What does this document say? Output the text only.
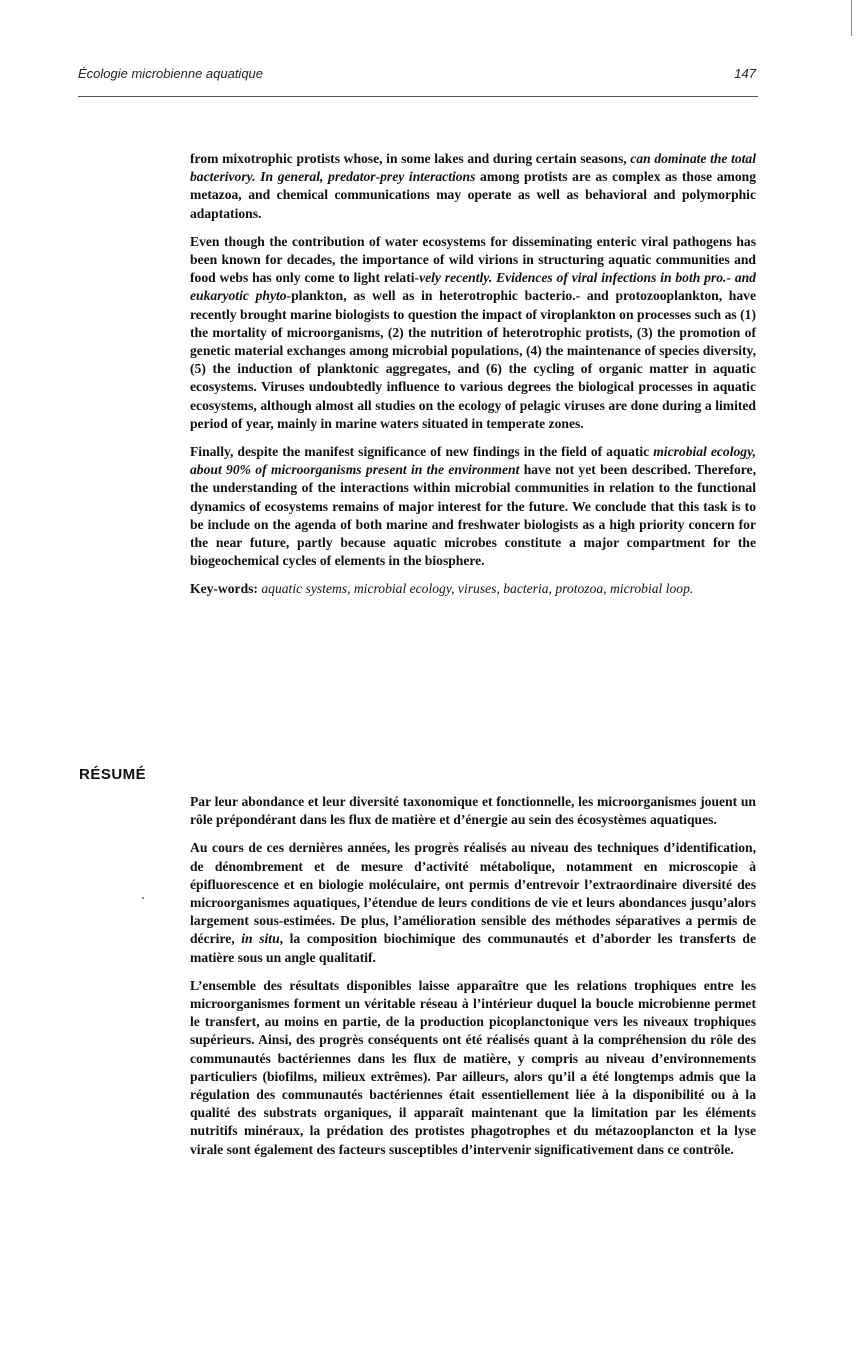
Écologie microbienne aquatique	147

from mixotrophic protists whose, in some lakes and during certain seasons, can dominate the total bacterivory. In general, predator-prey interactions among protists are as complex as those among metazoa, and chemical communications may operate as well as behavioral and polymorphic adaptations.

Even though the contribution of water ecosystems for disseminating enteric viral pathogens has been known for decades, the importance of wild virions in structuring aquatic communities and food webs has only come to light relati-vely recently. Evidences of viral infections in both pro.- and eukaryotic phyto-plankton, as well as in heterotrophic bacterio.- and protozooplankton, have recently brought marine biologists to question the impact of viroplankton on processes such as (1) the mortality of microorganisms, (2) the nutrition of heterotrophic protists, (3) the promotion of genetic material exchanges among microbial populations, (4) the maintenance of species diversity, (5) the induction of planktonic aggregates, and (6) the cycling of organic matter in aquatic ecosystems. Viruses undoubtedly influence to various degrees the biological processes in aquatic ecosystems, although almost all studies on the ecology of pelagic viruses are done during a limited period of year, mainly in marine waters situated in temperate zones.

Finally, despite the manifest significance of new findings in the field of aquatic microbial ecology, about 90% of microorganisms present in the environment have not yet been described. Therefore, the understanding of the interactions within microbial communities in relation to the functional dynamics of ecosystems remains of major interest for the future. We conclude that this task is to be include on the agenda of both marine and freshwater biologists as a high priority concern for the near future, partly because aquatic microbes constitute a major compartment for the biogeochemical cycles of elements in the biosphere.

Key-words: aquatic systems, microbial ecology, viruses, bacteria, protozoa, microbial loop.

RÉSUMÉ

Par leur abondance et leur diversité taxonomique et fonctionnelle, les microorganismes jouent un rôle prépondérant dans les flux de matière et d’énergie au sein des écosystèmes aquatiques.

Au cours de ces dernières années, les progrès réalisés au niveau des techniques d’identification, de dénombrement et de mesure d’activité métabolique, notamment en microscopie à épifluorescence et en biologie moléculaire, ont permis d’entrevoir l’extraordinaire diversité des microorganismes aquatiques, l’étendue de leurs conditions de vie et leurs abondances jusqu’alors largement sous-estimées. De plus, l’amélioration sensible des méthodes séparatives a permis de décrire, in situ, la composition biochimique des communautés et d’aborder les transferts de matière sous un angle qualitatif.

L’ensemble des résultats disponibles laisse apparaître que les relations trophiques entre les microorganismes forment un véritable réseau à l’intérieur duquel la boucle microbienne permet le transfert, au moins en partie, de la production picoplanctonique vers les niveaux trophiques supérieurs. Ainsi, des progrès conséquents ont été réalisés quant à la compréhension du rôle des communautés bactériennes dans les flux de matière, y compris au niveau d’environnements particuliers (biofilms, milieux extrêmes). Par ailleurs, alors qu’il a été longtemps admis que la régulation des communautés bactériennes était essentiellement liée à la disponibilité ou à la qualité des substrats organiques, il apparaît maintenant que la limitation par les éléments nutritifs minéraux, la prédation des protistes phagotrophes et du métazooplancton et la lyse virale sont également des facteurs susceptibles d’intervenir significativement dans ce contrôle.
